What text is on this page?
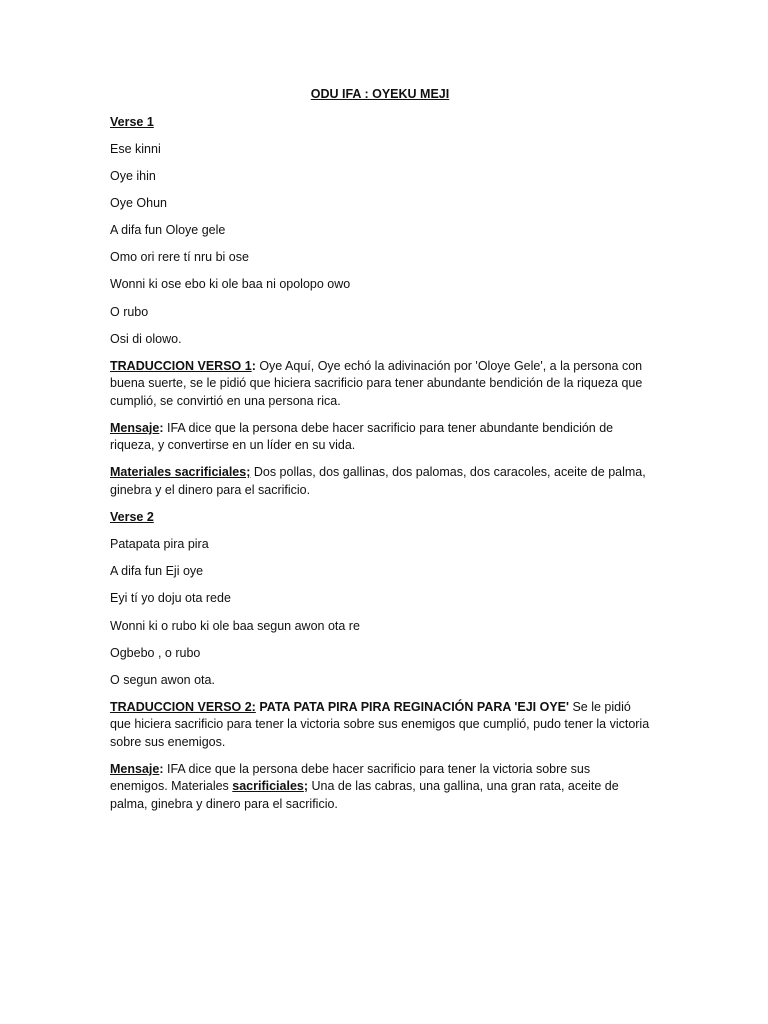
ODU IFA : OYEKU MEJI
Verse 1
Ese kinni
Oye ihin
Oye Ohun
A difa fun Oloye gele
Omo ori rere tí nru bi ose
Wonni ki ose ebo ki ole baa ni opolopo owo
O rubo
Osi di olowo.
TRADUCCION VERSO 1: Oye Aquí, Oye echó la adivinación por 'Oloye Gele', a la persona con buena suerte, se le pidió que hiciera sacrificio para tener abundante bendición de la riqueza que cumplió, se convirtió en una persona rica.
Mensaje: IFA dice que la persona debe hacer sacrificio para tener abundante bendición de riqueza, y convertirse en un líder en su vida.
Materiales sacrificiales; Dos pollas, dos gallinas, dos palomas, dos caracoles, aceite de palma, ginebra y el dinero para el sacrificio.
Verse 2
Patapata pira pira
A difa fun Eji oye
Eyi tí yo doju ota rede
Wonni ki o rubo ki ole baa segun awon ota re
Ogbebo , o rubo
O segun awon ota.
TRADUCCION VERSO 2: PATA PATA PIRA PIRA REGINACIÓN PARA 'EJI OYE' Se le pidió que hiciera sacrificio para tener la victoria sobre sus enemigos que cumplió, pudo tener la victoria sobre sus enemigos.
Mensaje: IFA dice que la persona debe hacer sacrificio para tener la victoria sobre sus enemigos. Materiales sacrificiales; Una de las cabras, una gallina, una gran rata, aceite de palma, ginebra y dinero para el sacrificio.
